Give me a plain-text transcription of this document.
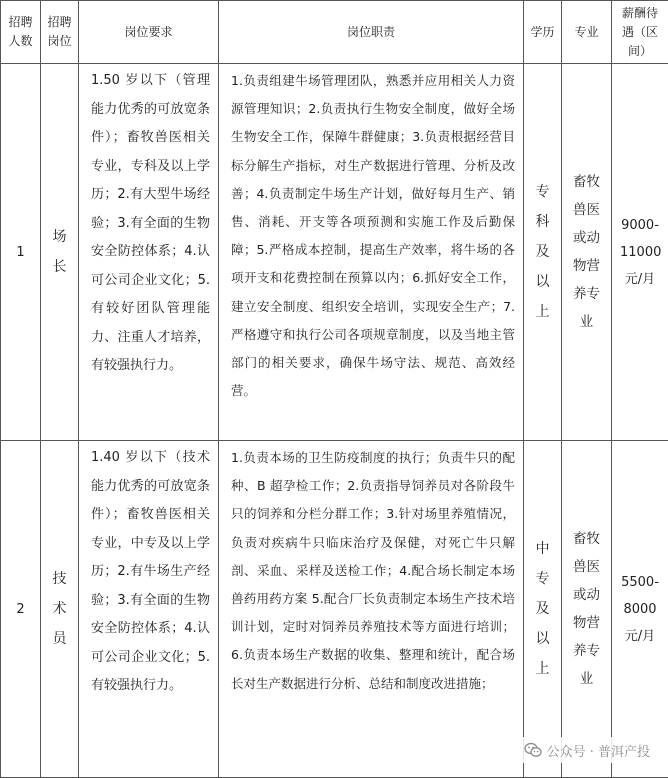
招聘人数	招聘岗位	岗位要求	岗位职责	学历	专业	薪酬待遇（区间）
1	场长	1.50 岁以下（管理能力优秀的可放宽条件）；畜牧兽医相关专业，专科及以上学历；2.有大型牛场经验；3.有全面的生物安全防控体系；4.认可公司企业文化；5.有较好团队管理能力、注重人才培养，有较强执行力。	1.负责组建牛场管理团队，熟悉并应用相关人力资源管理知识；2.负责执行生物安全制度，做好全场生物安全工作，保障牛群健康；3.负责根据经营目标分解生产指标，对生产数据进行管理、分析及改善；4.负责制定牛场生产计划，做好每月生产、销售、消耗、开支等各项预测和实施工作及后勤保障；5.严格成本控制，提高生产效率，将牛场的各项开支和花费控制在预算以内；6.抓好安全工作，建立安全制度、组织安全培训，实现安全生产；7.严格遵守和执行公司各项规章制度，以及当地主管部门的相关要求，确保牛场守法、规范、高效经营。	专科及以上	畜牧兽医或动物营养专业	9000-11000元/月
2	技术员	1.40 岁以下（技术能力优秀的可放宽条件）；畜牧兽医相关专业，中专及以上学历；2.有牛场生产经验；3.有全面的生物安全防控体系；4.认可公司企业文化；5.有较强执行力。	1.负责本场的卫生防疫制度的执行；负责牛只的配种、B 超孕检工作；2.负责指导饲养员对各阶段牛只的饲养和分栏分群工作；3.针对场里养殖情况，负责对疾病牛只临床治疗及保健，对死亡牛只解剖、采血、采样及送检工作；4.配合场长制定本场兽药用药方案 5.配合厂长负责制定本场生产技术培训计划，定时对饲养员养殖技术等方面进行培训；6.负责本场生产数据的收集、整理和统计，配合场长对生产数据进行分析、总结和制度改进措施；	中专及以上	畜牧兽医或动物营养专业	5500-8000元/月
公众号 · 普洱产投
